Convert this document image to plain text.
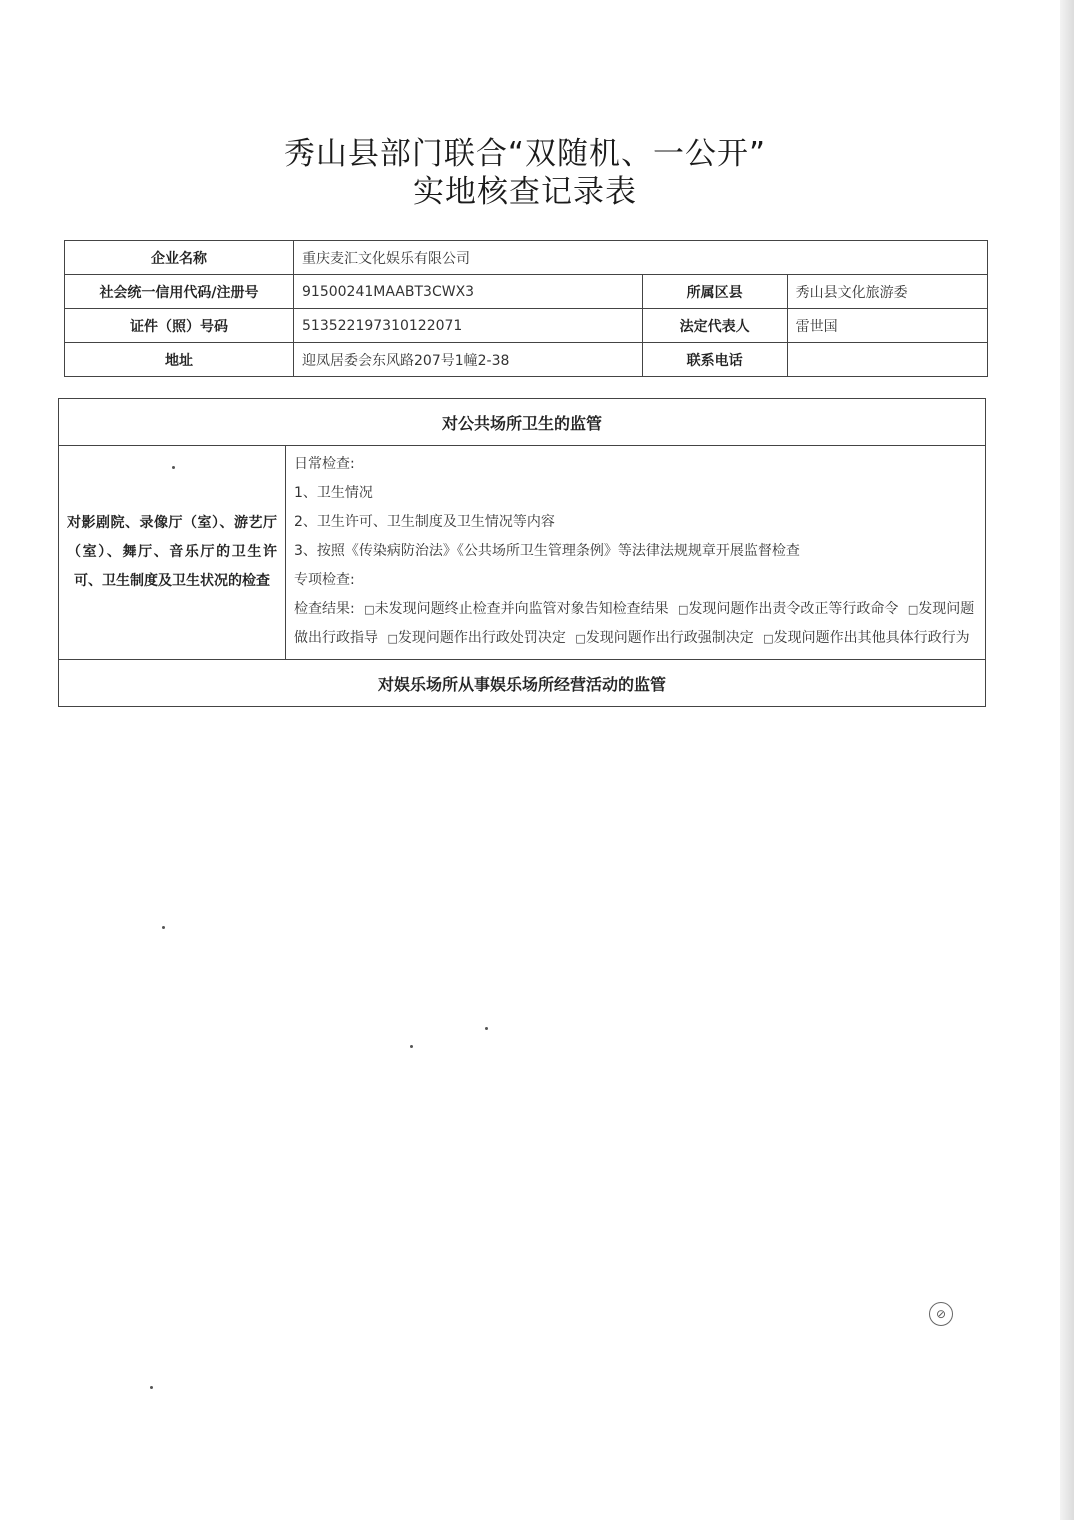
秀山县部门联合“双随机、一公开”
实地核查记录表
企业名称	重庆麦汇文化娱乐有限公司		
社会统一信用代码/注册号	91500241MAABT3CWX3	所属区县	秀山县文化旅游委
证件（照）号码	513522197310122071	法定代表人	雷世国
地址	迎凤居委会东风路207号1幢2-38	联系电话	
对公共场所卫生的监管
对影剧院、录像厅（室）、游艺厅（室）、舞厅、音乐厅的卫生许可、卫生制度及卫生状况的检查	
日常检查:
1、卫生情况
2、卫生许可、卫生制度及卫生情况等内容
3、按照《传染病防治法》《公共场所卫生管理条例》等法律法规规章开展监督检查
专项检查:
检查结果: □未发现问题终止检查并向监管对象告知检查结果 □发现问题作出责令改正等行政命令 □发现问题做出行政指导 □发现问题作出行政处罚决定 □发现问题作出行政强制决定 □发现问题作出其他具体行政行为

对娱乐场所从事娱乐场所经营活动的监管
⊘
